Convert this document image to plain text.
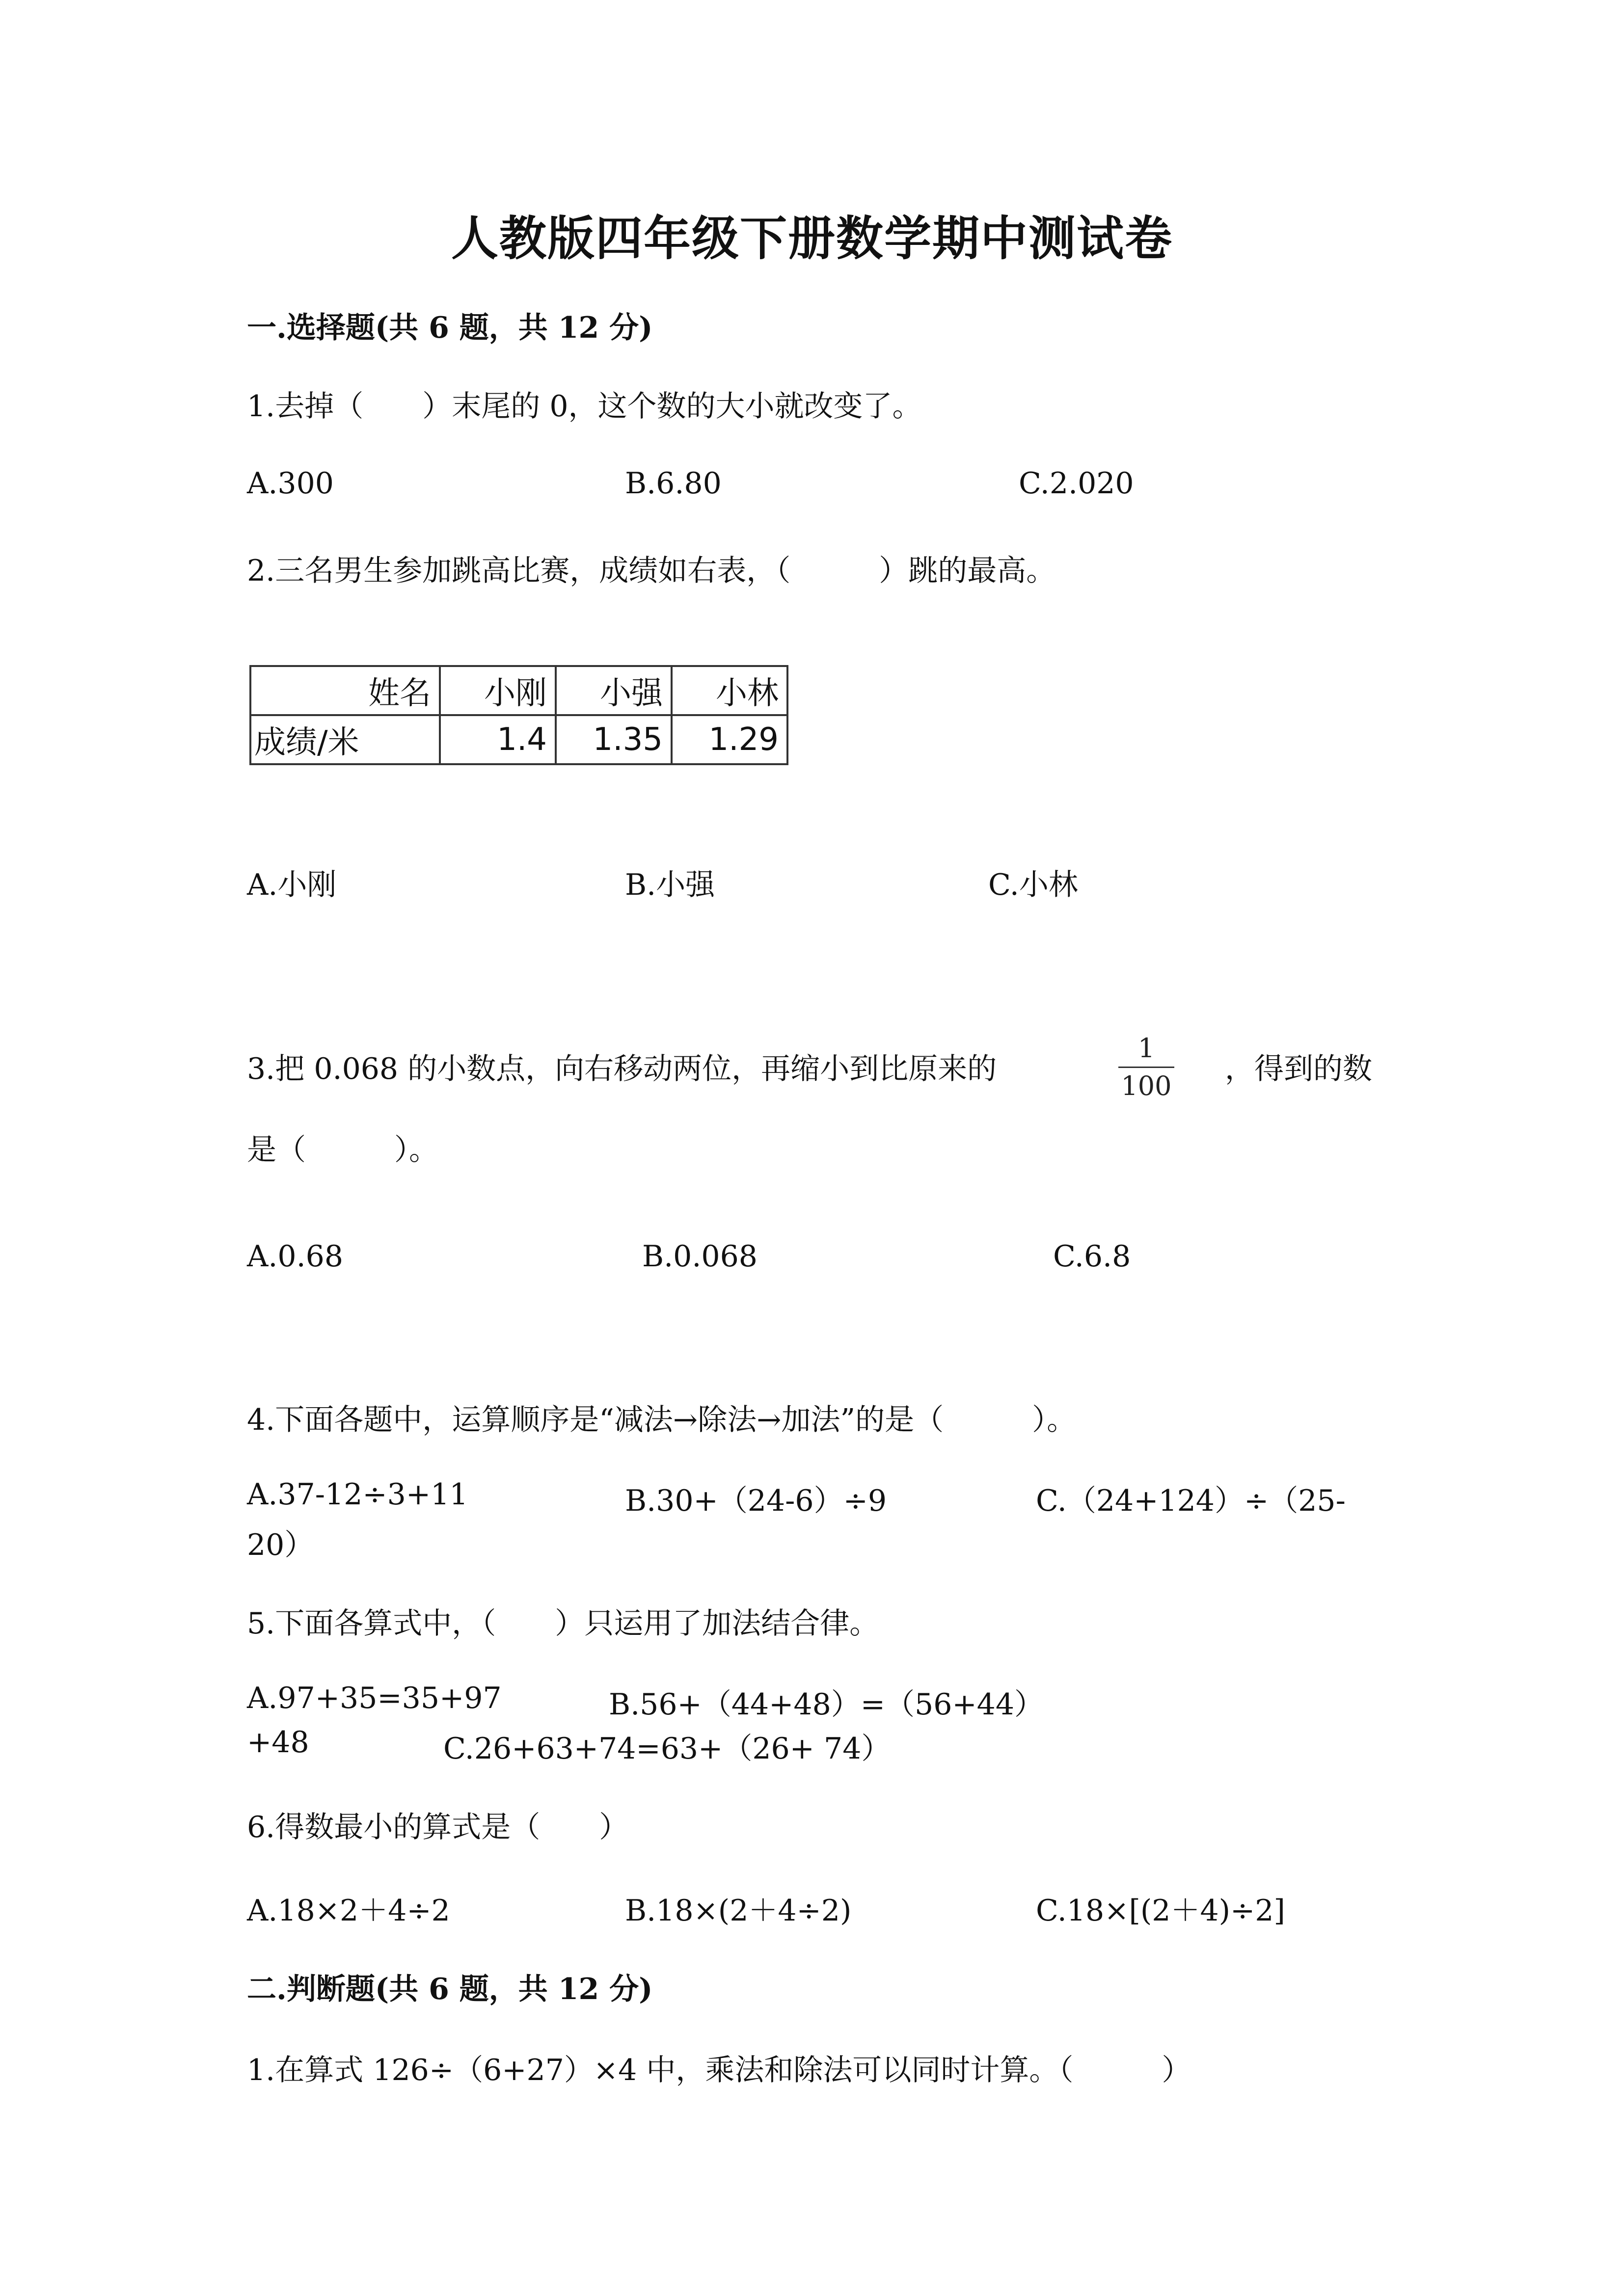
人教版四年级下册数学期中测试卷
一.选择题(共 6 题，共 12 分)
1.去掉（　　）末尾的 0，这个数的大小就改变了。
A.300	B.6.80	C.2.020
2.三名男生参加跳高比赛，成绩如右表，（　　　）跳的最高。
姓名	小刚	小强	小林
成绩/米	1.4	1.35	1.29
A.小刚	B.小强	C.小林
3.把 0.068 的小数点，向右移动两位，再缩小到比原来的
1
100 ，得到的数
是（　　　）。
A.0.68	B.0.068	C.6.8
4.下面各题中，运算顺序是“减法→除法→加法”的是（　　　）。
A.37-12÷3+11	B.30+（24-6）÷9	C.（24+124）÷（25-
20）
5.下面各算式中，（　　）只运用了加法结合律。
A.97+35=35+97	B.56+（44+48）=（56+44）
+48	C.26+63+74=63+（26+ 74）
6.得数最小的算式是（　　）
A.18×2＋4÷2	B.18×(2＋4÷2)	C.18×[(2＋4)÷2]
二.判断题(共 6 题，共 12 分)
1.在算式 126÷（6+27）×4 中，乘法和除法可以同时计算。（　　　）
